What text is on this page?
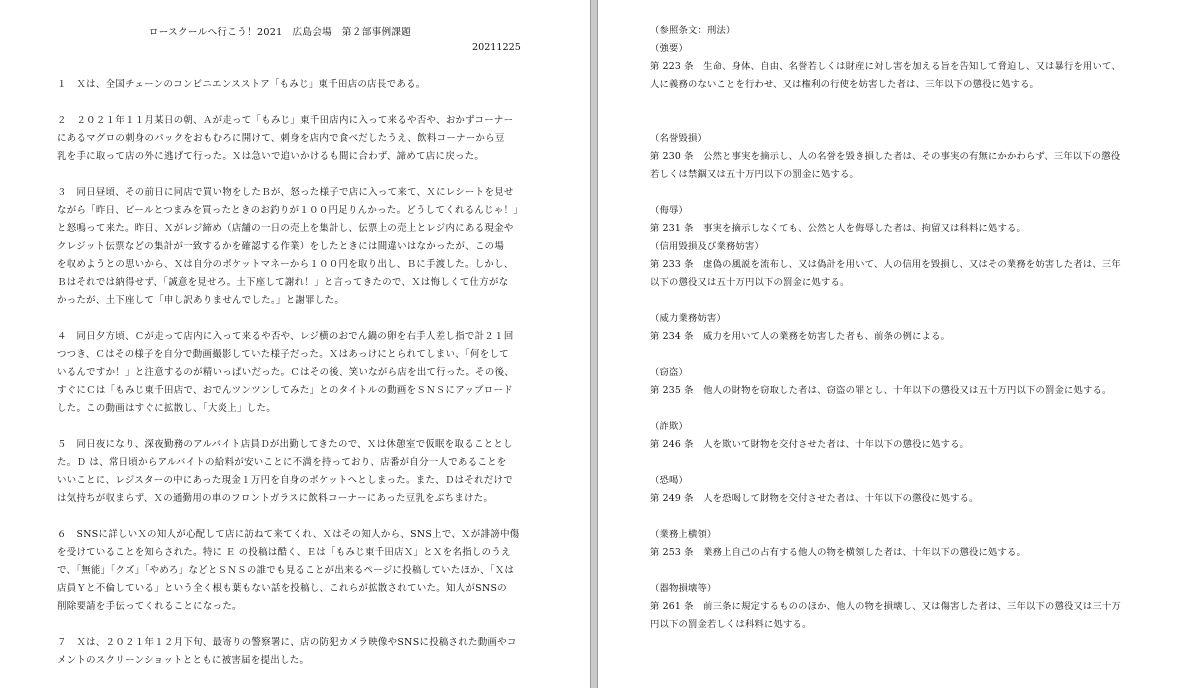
ロースクールへ行こう！2021　広島会場　第２部事例課題
20211225
１　Ｘは、全国チェーンのコンビニエンスストア「もみじ」東千田店の店長である。
２　２０２１年１１月某日の朝、Ａが走って「もみじ」東千田店内に入って来るや否や、おかずコーナー
にあるマグロの刺身のパックをおもむろに開けて、刺身を店内で食べだしたうえ、飲料コーナーから豆
乳を手に取って店の外に逃げて行った。Ｘは急いで追いかけるも間に合わず、諦めて店に戻った。
３　同日昼頃、その前日に同店で買い物をしたＢが、怒った様子で店に入って来て、Ｘにレシートを見せ
ながら「昨日、ビールとつまみを買ったときのお釣りが１００円足りんかった。どうしてくれるんじゃ！」
と怒鳴って来た。昨日、Ｘがレジ締め（店舗の一日の売上を集計し、伝票上の売上とレジ内にある現金や
クレジット伝票などの集計が一致するかを確認する作業）をしたときには間違いはなかったが、この場
を収めようとの思いから、Ｘは自分のポケットマネーから１００円を取り出し、Ｂに手渡した。しかし、
Ｂはそれでは納得せず、「誠意を見せろ。土下座して謝れ！」と言ってきたので、Ｘは悔しくて仕方がな
かったが、土下座して「申し訳ありませんでした。」と謝罪した。
４　同日夕方頃、Ｃが走って店内に入って来るや否や、レジ横のおでん鍋の卵を右手人差し指で計２１回
つつき、Ｃはその様子を自分で動画撮影していた様子だった。Ｘはあっけにとられてしまい、「何をして
いるんですか！」と注意するのが精いっぱいだった。Ｃはその後、笑いながら店を出て行った。その後、
すぐにＣは「もみじ東千田店で、おでんツンツンしてみた」とのタイトルの動画をＳＮＳにアップロード
した。この動画はすぐに拡散し、「大炎上」した。
５　同日夜になり、深夜勤務のアルバイト店員Ｄが出勤してきたので、Ｘは休憩室で仮眠を取ることとし
た。Ｄ は、常日頃からアルバイトの給料が安いことに不満を持っており、店番が自分一人であることを
いいことに、レジスターの中にあった現金１万円を自身のポケットへとしまった。また、Ｄはそれだけで
は気持ちが収まらず、Ｘの通勤用の車のフロントガラスに飲料コーナーにあった豆乳をぶちまけた。
６　SNSに詳しいＸの知人が心配して店に訪ねて来てくれ、Ｘはその知人から、SNS上で、Ｘが誹謗中傷
を受けていることを知らされた。特に Ｅ の投稿は酷く、Ｅは「もみじ東千田店Ｘ」とＸを名指しのうえ
で、「無能」「クズ」「やめろ」などとＳＮＳの誰でも見ることが出来るページに投稿していたほか、「Ｘは
店員Ｙと不倫している」という全く根も葉もない話を投稿し、これらが拡散されていた。知人がSNSの
削除要請を手伝ってくれることになった。
７　Ｘは、２０２１年１２月下旬、最寄りの警察署に、店の防犯カメラ映像やSNSに投稿された動画やコ
メントのスクリーンショットとともに被害届を提出した。
（参照条文：刑法）
（強要）
第 223 条　生命、身体、自由、名誉若しくは財産に対し害を加える旨を告知して脅迫し、又は暴行を用いて、
人に義務のないことを行わせ、又は権利の行使を妨害した者は、三年以下の懲役に処する。
（名誉毀損）
第 230 条　公然と事実を摘示し、人の名誉を毀き損した者は、その事実の有無にかかわらず、三年以下の懲役
若しくは禁錮又は五十万円以下の罰金に処する。
（侮辱）
第 231 条　事実を摘示しなくても、公然と人を侮辱した者は、拘留又は科料に処する。
（信用毀損及び業務妨害）
第 233 条　虚偽の風説を流布し、又は偽計を用いて、人の信用を毀損し、又はその業務を妨害した者は、三年
以下の懲役又は五十万円以下の罰金に処する。
（威力業務妨害）
第 234 条　威力を用いて人の業務を妨害した者も、前条の例による。
（窃盗）
第 235 条　他人の財物を窃取した者は、窃盗の罪とし、十年以下の懲役又は五十万円以下の罰金に処する。
（詐欺）
第 246 条　人を欺いて財物を交付させた者は、十年以下の懲役に処する。
（恐喝）
第 249 条　人を恐喝して財物を交付させた者は、十年以下の懲役に処する。
（業務上横領）
第 253 条　業務上自己の占有する他人の物を横領した者は、十年以下の懲役に処する。
（器物損壊等）
第 261 条　前三条に規定するもののほか、他人の物を損壊し、又は傷害した者は、三年以下の懲役又は三十万
円以下の罰金若しくは科料に処する。
